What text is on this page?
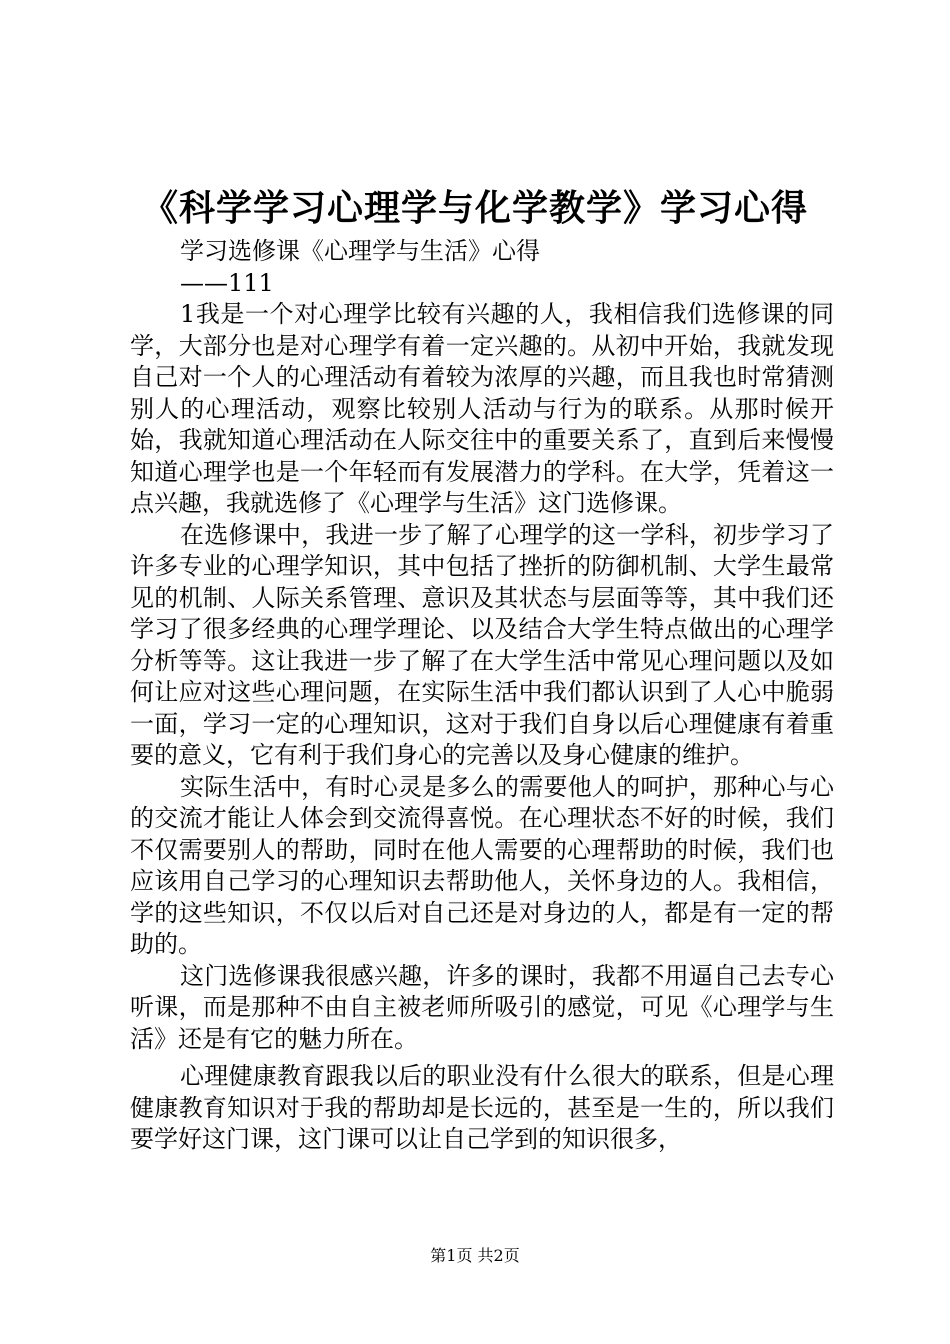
《科学学习心理学与化学教学》学习心得

学习选修课《心理学与生活》心得

——111

1我是一个对心理学比较有兴趣的人，我相信我们选修课的同学，大部分也是对心理学有着一定兴趣的。从初中开始，我就发现自己对一个人的心理活动有着较为浓厚的兴趣，而且我也时常猜测别人的心理活动，观察比较别人活动与行为的联系。从那时候开始，我就知道心理活动在人际交往中的重要关系了，直到后来慢慢知道心理学也是一个年轻而有发展潜力的学科。在大学，凭着这一点兴趣，我就选修了《心理学与生活》这门选修课。

在选修课中，我进一步了解了心理学的这一学科，初步学习了许多专业的心理学知识，其中包括了挫折的防御机制、大学生最常见的机制、人际关系管理、意识及其状态与层面等等，其中我们还学习了很多经典的心理学理论、以及结合大学生特点做出的心理学分析等等。这让我进一步了解了在大学生活中常见心理问题以及如何让应对这些心理问题，在实际生活中我们都认识到了人心中脆弱一面，学习一定的心理知识，这对于我们自身以后心理健康有着重要的意义，它有利于我们身心的完善以及身心健康的维护。

实际生活中，有时心灵是多么的需要他人的呵护，那种心与心的交流才能让人体会到交流得喜悦。在心理状态不好的时候，我们不仅需要别人的帮助，同时在他人需要的心理帮助的时候，我们也应该用自己学习的心理知识去帮助他人，关怀身边的人。我相信，学的这些知识，不仅以后对自己还是对身边的人，都是有一定的帮助的。

这门选修课我很感兴趣，许多的课时，我都不用逼自己去专心听课，而是那种不由自主被老师所吸引的感觉，可见《心理学与生活》还是有它的魅力所在。

心理健康教育跟我以后的职业没有什么很大的联系，但是心理健康教育知识对于我的帮助却是长远的，甚至是一生的，所以我们要学好这门课，这门课可以让自己学到的知识很多，

第1页 共2页
